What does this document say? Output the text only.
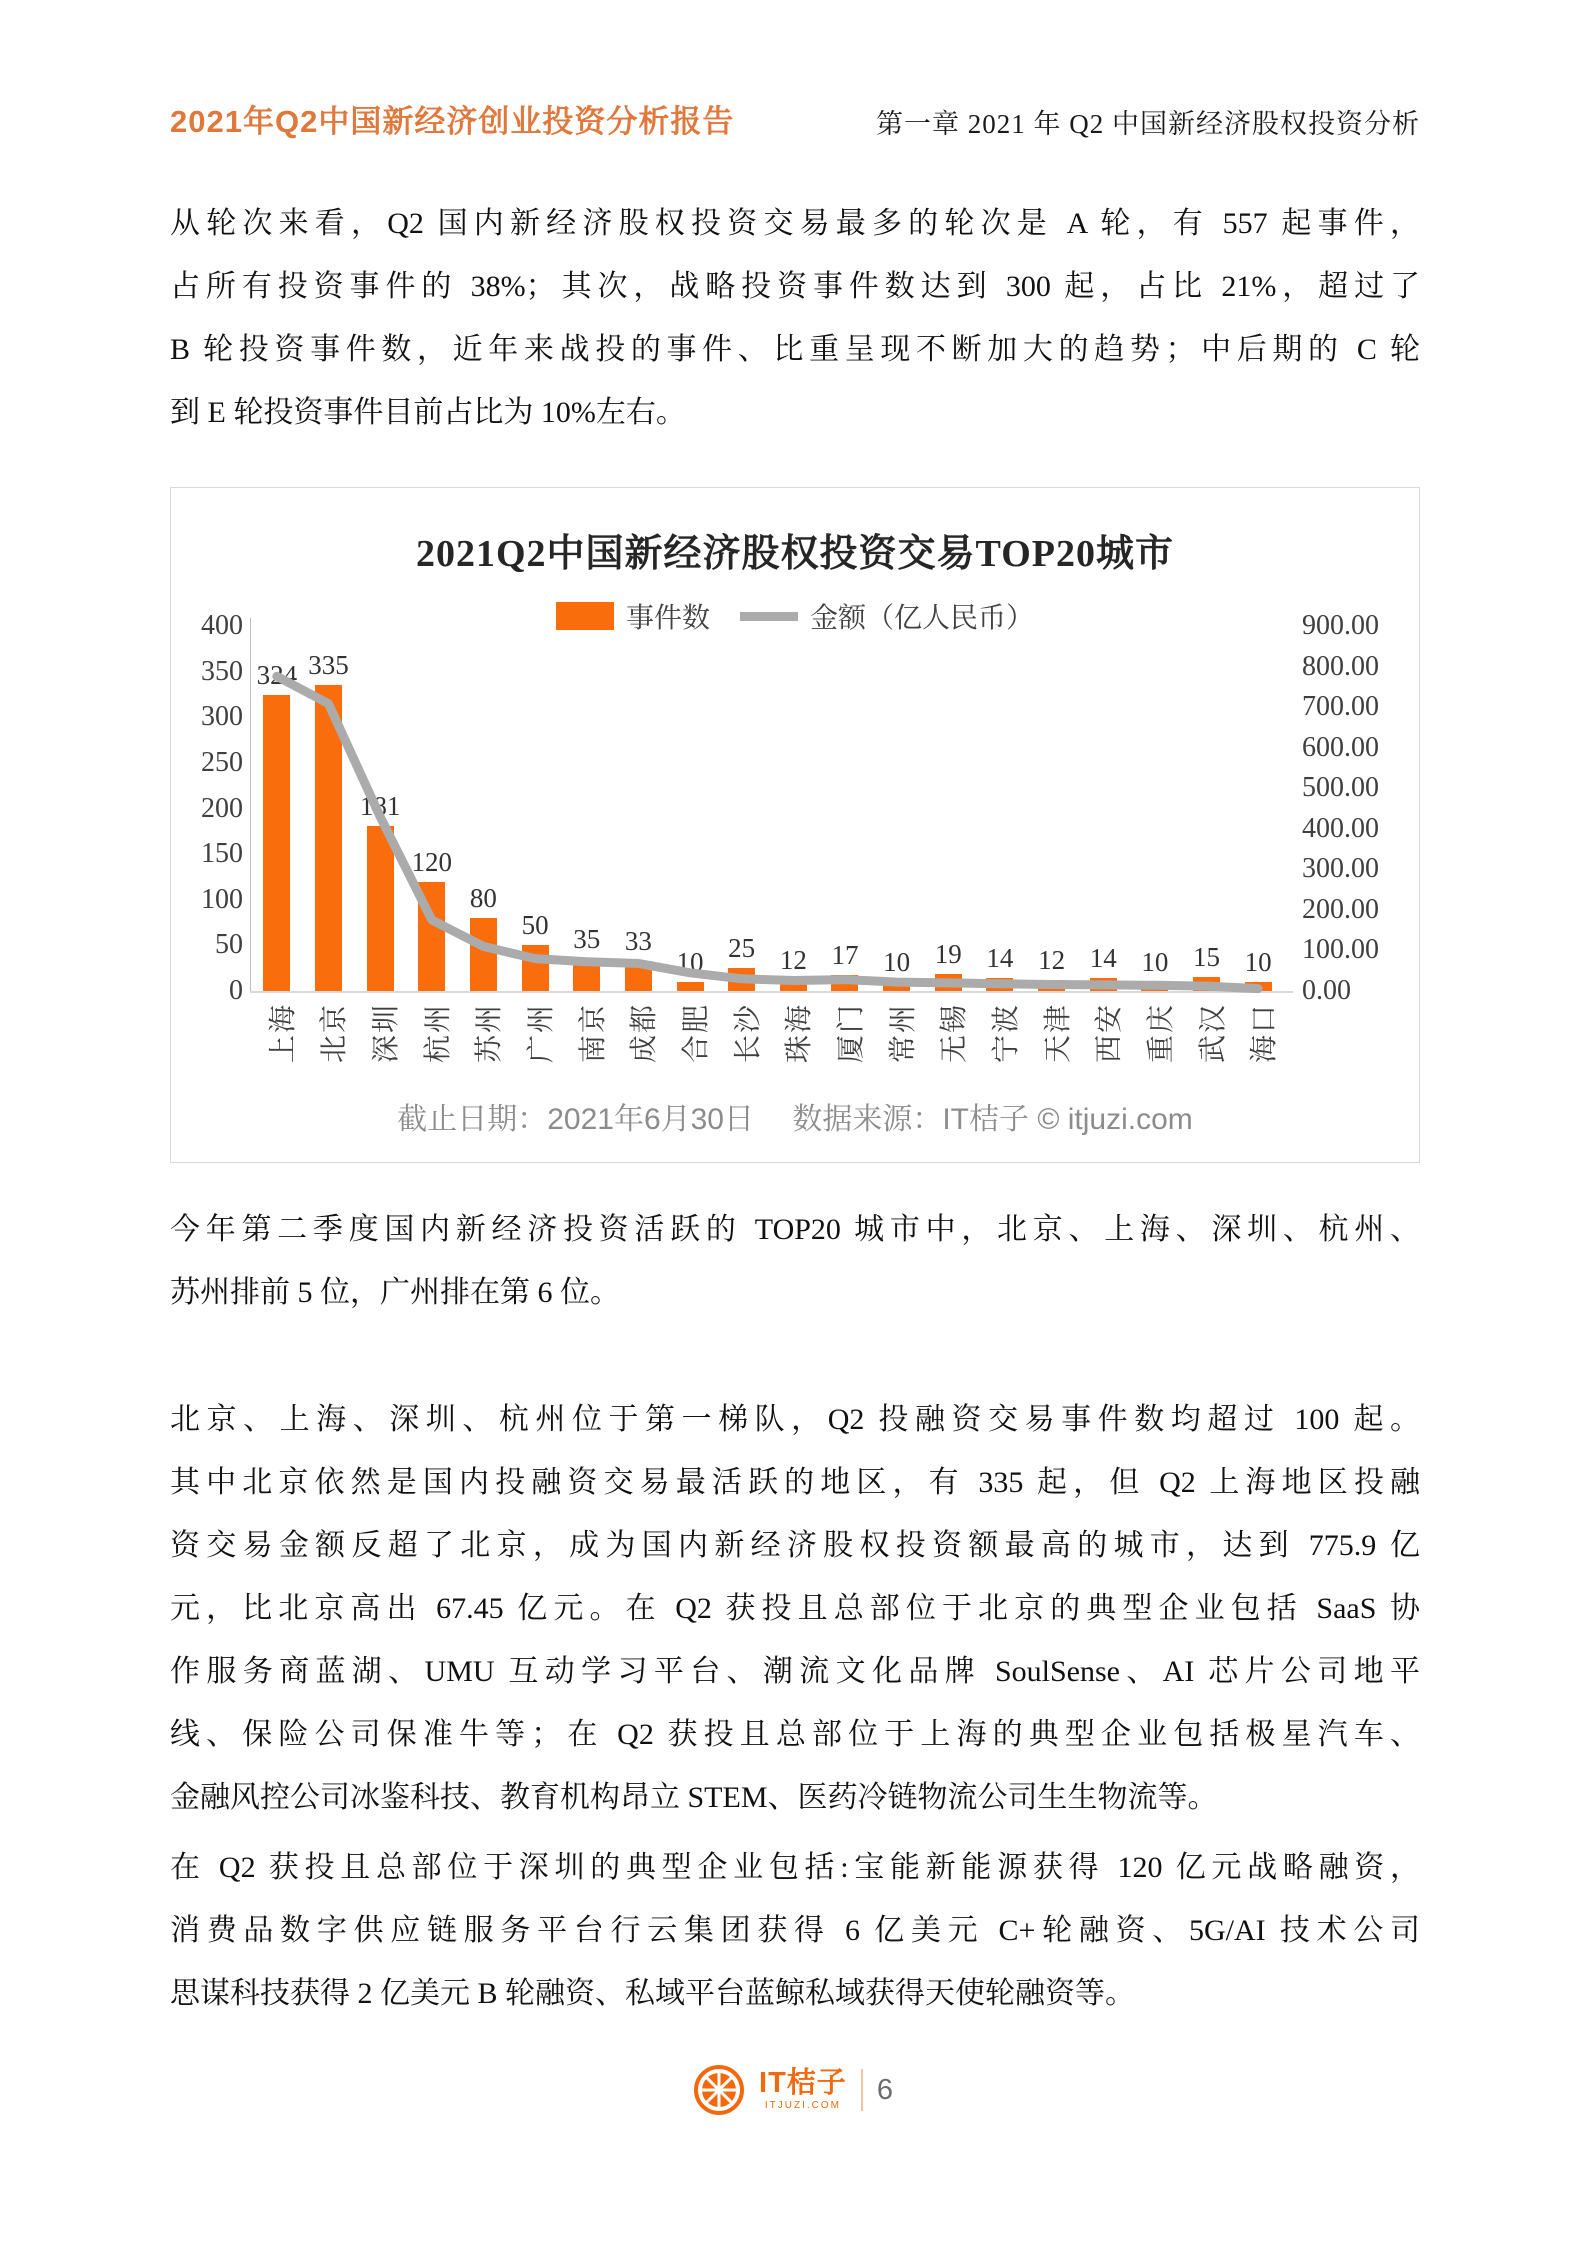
2021年Q2中国新经济创业投资分析报告	第一章 2021 年 Q2 中国新经济股权投资分析
从轮次来看，Q2 国内新经济股权投资交易最多的轮次是 A 轮，有 557 起事件，
占所有投资事件的 38%；其次，战略投资事件数达到 300 起，占比 21%，超过了
B 轮投资事件数，近年来战投的事件、比重呈现不断加大的趋势；中后期的 C 轮
到 E 轮投资事件目前占比为 10%左右。
今年第二季度国内新经济投资活跃的 TOP20 城市中，北京、上海、深圳、杭州、
苏州排前 5 位，广州排在第 6 位。
北京、上海、深圳、杭州位于第一梯队，Q2 投融资交易事件数均超过 100 起。
其中北京依然是国内投融资交易最活跃的地区，有 335 起，但 Q2 上海地区投融
资交易金额反超了北京，成为国内新经济股权投资额最高的城市，达到 775.9 亿
元，比北京高出 67.45 亿元。在 Q2 获投且总部位于北京的典型企业包括 SaaS 协
作服务商蓝湖、UMU 互动学习平台、潮流文化品牌 SoulSense、AI 芯片公司地平
线、保险公司保准牛等；在 Q2 获投且总部位于上海的典型企业包括极星汽车、
金融风控公司冰鉴科技、教育机构昂立 STEM、医药冷链物流公司生生物流等。
在 Q2 获投且总部位于深圳的典型企业包括:宝能新能源获得 120 亿元战略融资，
消费品数字供应链服务平台行云集团获得 6 亿美元 C+轮融资、5G/AI 技术公司
思谋科技获得 2 亿美元 B 轮融资、私域平台蓝鲸私域获得天使轮融资等。
2021Q2中国新经济股权投资交易TOP20城市
事件数	金额（亿人民币）
0
50
100
150
200
250
300
350
400
0.00
100.00
200.00
300.00
400.00
500.00
600.00
700.00
800.00
900.00
324
上海
335
北京
181
深圳
120
杭州
80
苏州
50
广州
35
南京
33
成都
10
合肥
25
长沙
12
珠海
17
厦门
10
常州
19
无锡
14
宁波
12
天津
14
西安
10
重庆
15
武汉
10
海口
截止日期：2021年6月30日　 数据来源：IT桔子 © itjuzi.com
IT桔子
ITJUZI.COM 6
